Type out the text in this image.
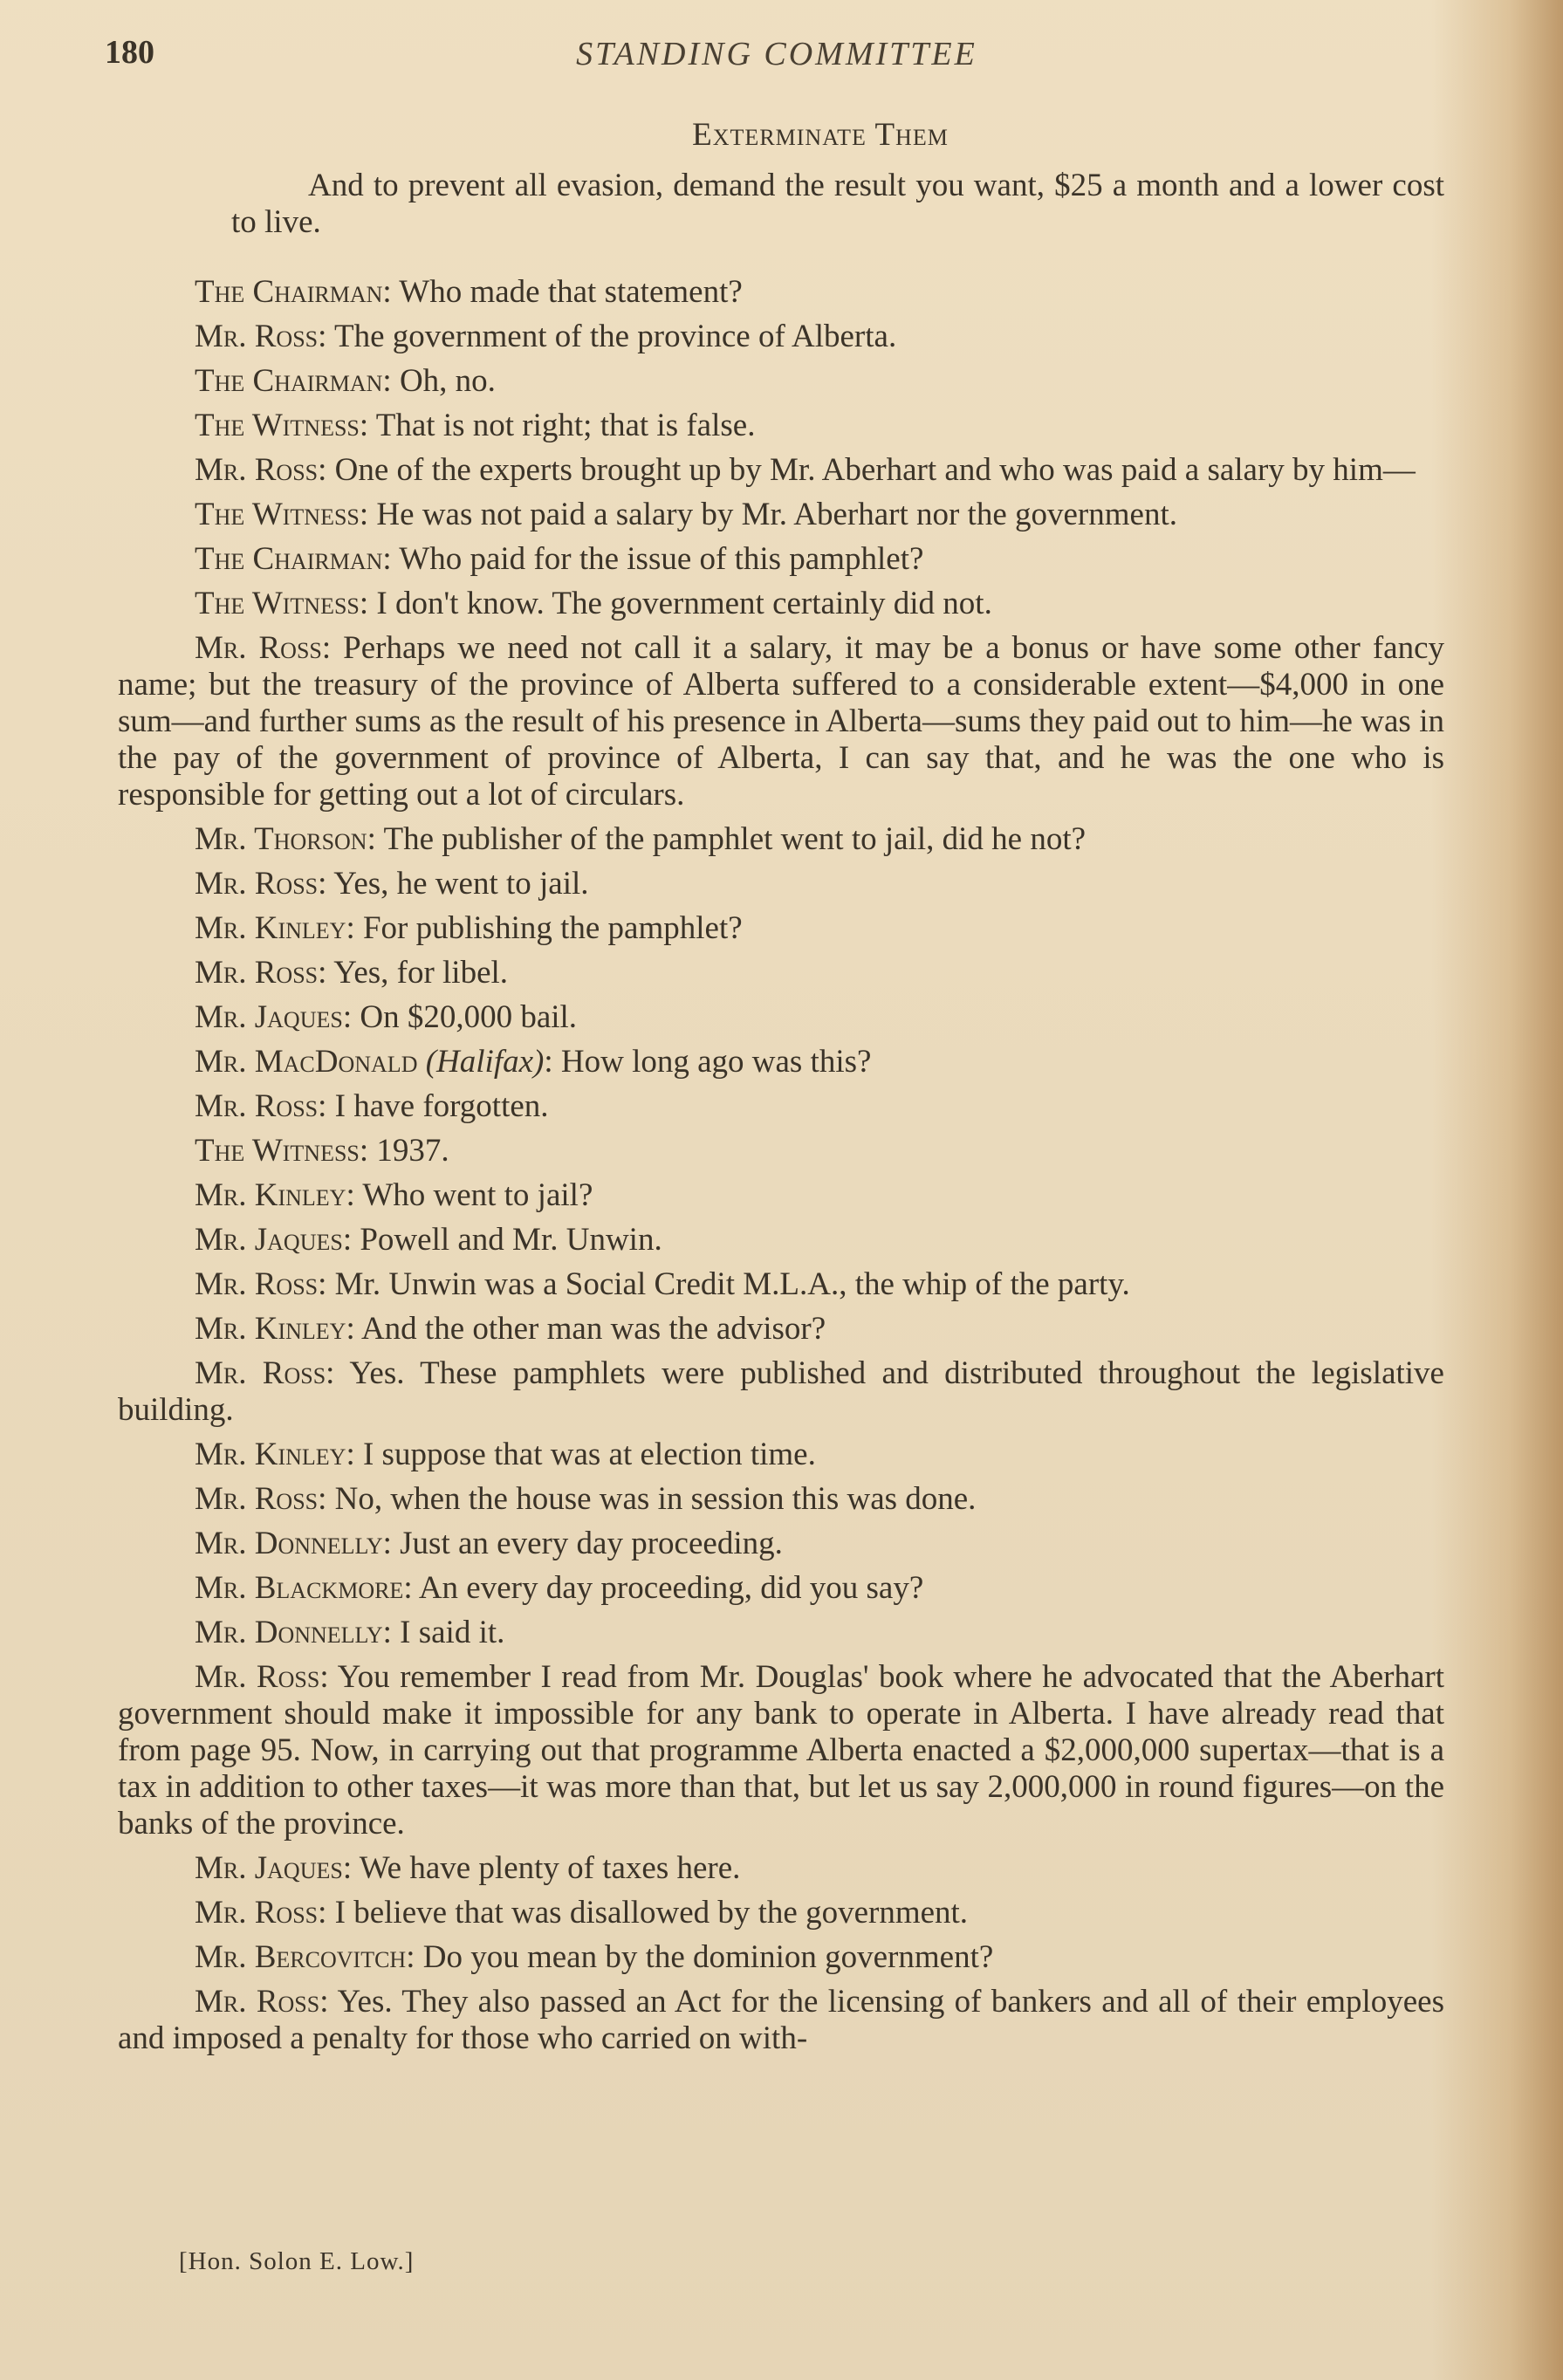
180	STANDING COMMITTEE
Exterminate Them

And to prevent all evasion, demand the result you want, $25 a month and a lower cost to live.

The Chairman: Who made that statement?

Mr. Ross: The government of the province of Alberta.

The Chairman: Oh, no.

The Witness: That is not right; that is false.

Mr. Ross: One of the experts brought up by Mr. Aberhart and who was paid a salary by him—

The Witness: He was not paid a salary by Mr. Aberhart nor the government.

The Chairman: Who paid for the issue of this pamphlet?

The Witness: I don't know. The government certainly did not.

Mr. Ross: Perhaps we need not call it a salary, it may be a bonus or have some other fancy name; but the treasury of the province of Alberta suffered to a considerable extent—$4,000 in one sum—and further sums as the result of his presence in Alberta—sums they paid out to him—he was in the pay of the government of province of Alberta, I can say that, and he was the one who is responsible for getting out a lot of circulars.

Mr. Thorson: The publisher of the pamphlet went to jail, did he not?

Mr. Ross: Yes, he went to jail.

Mr. Kinley: For publishing the pamphlet?

Mr. Ross: Yes, for libel.

Mr. Jaques: On $20,000 bail.

Mr. MacDonald (Halifax): How long ago was this?

Mr. Ross: I have forgotten.

The Witness: 1937.

Mr. Kinley: Who went to jail?

Mr. Jaques: Powell and Mr. Unwin.

Mr. Ross: Mr. Unwin was a Social Credit M.L.A., the whip of the party.

Mr. Kinley: And the other man was the advisor?

Mr. Ross: Yes. These pamphlets were published and distributed throughout the legislative building.

Mr. Kinley: I suppose that was at election time.

Mr. Ross: No, when the house was in session this was done.

Mr. Donnelly: Just an every day proceeding.

Mr. Blackmore: An every day proceeding, did you say?

Mr. Donnelly: I said it.

Mr. Ross: You remember I read from Mr. Douglas' book where he advocated that the Aberhart government should make it impossible for any bank to operate in Alberta. I have already read that from page 95. Now, in carrying out that programme Alberta enacted a $2,000,000 supertax—that is a tax in addition to other taxes—it was more than that, but let us say 2,000,000 in round figures—on the banks of the province.

Mr. Jaques: We have plenty of taxes here.

Mr. Ross: I believe that was disallowed by the government.

Mr. Bercovitch: Do you mean by the dominion government?

Mr. Ross: Yes. They also passed an Act for the licensing of bankers and all of their employees and imposed a penalty for those who carried on with-

[Hon. Solon E. Low.]
